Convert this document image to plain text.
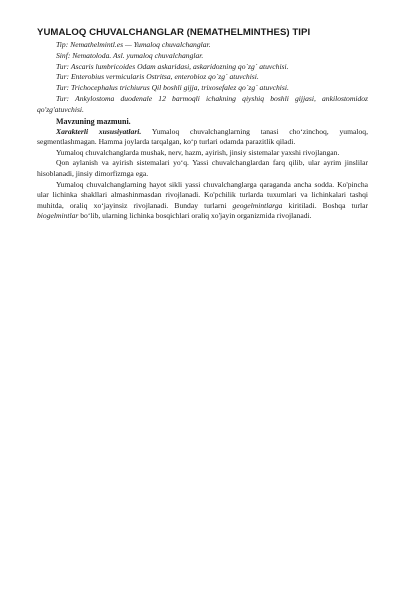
YUMALOQ CHUVALCHANGLAR (NEMATHELMINTHES) TIPI

Tip: Nemathelmintl.es — Yumaloq chuvalchanglar.

Sinf: Nematoloda. Asl. yumaloq chuvalchanglar.

Tur: Ascaris lumbricoides Odam askaridasi, askaridozning qo`zg` atuvchisi.

Tur: Enterobius vermicularis Ostritsa, enterobioz qo`zg` atuvchisi.

Tur: Trichocephalus trichiurus Qil boshli gijja, trixosefalez qo`zg` atuvchisi.

Tur: Ankylostoma duodenale 12 barmoqli ichakning qiyshiq boshli gijjasi, ankilostomidoz qo'zg'atuvchisi.

Mavzuning mazmuni.

Xarakterli xususiyatlari. Yumaloq chuvalchanglarning tanasi cho‘zinchoq, yumaloq, segmentlashmagan. Hamma joylarda tarqalgan, ko‘p turlari odamda parazitlik qiladi.

Yumaloq chuvalchanglarda mushak, nerv, hazm, ayirish, jinsiy sistemalar yaxshi rivojlangan.

Qon aylanish va ayirish sistemalari yo‘q. Yassi chuvalchanglardan farq qilib, ular ayrim jinslilar hisoblanadi, jinsiy dimorfizmga ega.

Yumaloq chuvalchanglarning hayot sikli yassi chuvalchanglarga qaraganda ancha sodda. Ko'pincha ular lichinka shakllari almashinmasdan rivojlanadi. Ko'pchilik turlarda tuxumlari va lichinkalari tashqi muhitda, oraliq xo‘jayinsiz rivojlanadi. Bunday turlarni geogelmintlarga kiritiladi. Boshqa turlar biogelmintlar bo‘lib, ularning lichinka bosqichlari oraliq xo'jayin organizmida rivojlanadi.
